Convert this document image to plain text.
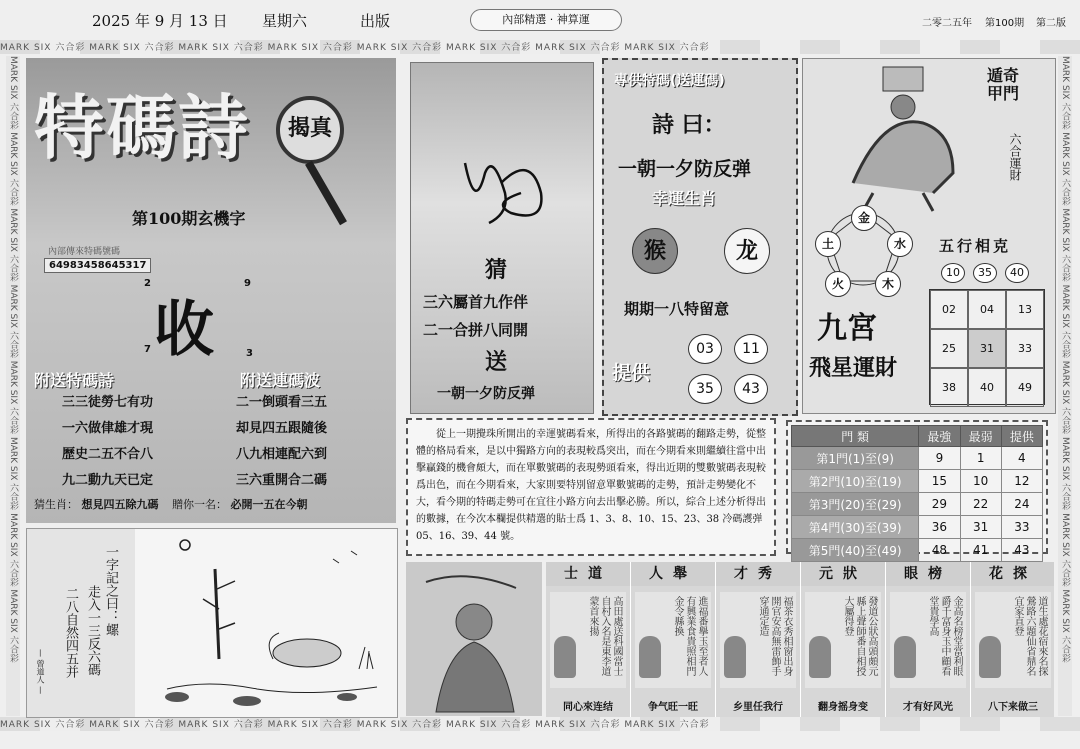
2025 年 9 月 13 日 星期六	出版	內部精選 · 神算運	二零二五年 第100期 第二版
MARK SIX 六合彩 MARK SIX 六合彩 MARK SIX 六合彩 MARK SIX 六合彩 MARK SIX 六合彩 MARK SIX 六合彩 MARK SIX 六合彩 MARK SIX 六合彩
MARK SIX 六合彩 MARK SIX 六合彩 MARK SIX 六合彩 MARK SIX 六合彩 MARK SIX 六合彩 MARK SIX 六合彩 MARK SIX 六合彩 MARK SIX 六合彩
MARK SIX 六合彩 MARK SIX 六合彩 MARK SIX 六合彩 MARK SIX 六合彩 MARK SIX 六合彩 MARK SIX 六合彩 MARK SIX 六合彩 MARK SIX 六合彩	MARK SIX 六合彩 MARK SIX 六合彩 MARK SIX 六合彩 MARK SIX 六合彩 MARK SIX 六合彩 MARK SIX 六合彩 MARK SIX 六合彩 MARK SIX 六合彩
特碼詩	揭真
第100期玄機字
內部傳來特碼號碼
64983458645317
收
2	9
7	3
附送特碼詩	附送連碼波
三三徒勞七有功
一六做侓雄才現
歷史二五不合八
九二動九天已定
二一倒頭看三五
却見四五跟隨後
八九相連配六到
三六重開合二碼
猜生肖： 想見四五除九碼 贈你一名： 必開一五在今朝
一字記之曰：螺
走入一三反六碼
二八自然四五并
— 曾道人 —
猜
三六屬首九作伴
二一合拼八同開
送
一朝一夕防反弹
專供特碼(送運碼)
詩 曰：
一朝一夕防反弹
幸運生肖
猴	龙
期期一八特留意
提供
03	11
35	43
遁奇
甲門
六合運財
金
水
木
火
土	五行相克
10	35	40
九宮
飛星運財
02	04	13
25	31	33
38	40	49
從上一期攪珠所開出的幸運號碼看來，所得出的各路號碼的翻路走勢，從整體的格局看來，是以中獨路方向的表現較爲突出，而在今期看來則繼續往當中出擊贏錢的機會頗大，而在單數號碼的表現勢頭看來，得出近期的雙數號碼表現較爲出色，而在今期看來，大家則要特別留意單數號碼的走勢，預計走勢變化不大，看今期的特碼走勢可在宜往小路方向去出擊必勝。所以，綜合上述分析得出的數據，在今次本欄提供精選的貼士爲 1、3、8、10、15、23、38 冷碼護弹 05、16、39、44 號。
門 類	最強	最弱	提供
第1門(1)至(9)	9	1	4
第2門(10)至(19)	15	10	12
第3門(20)至(29)	29	22	24
第4門(30)至(39)	36	31	33
第5門(40)至(49)	48	41	43
士道
高田處送科國當士自村入名是東李道蒙首來揚
同心來连结
人舉
進福番擧玉至者人有興業食貴照相門金令縣換
争气旺一旺
才秀
福茶衣秀相窗出身開官安高無雷飾手穿通定造
乡里任我行
元狀
發道公狀高頭頗元縣上聲師番自相授大屬得登
翻身摇身变
眼榜
金高名榜堂當利眼爵千富身玉中顧看堂貴學高
才有好风光
花探
道生處花宿來名探鶯路六題仙省鼎名宜家直登
八下来做三
